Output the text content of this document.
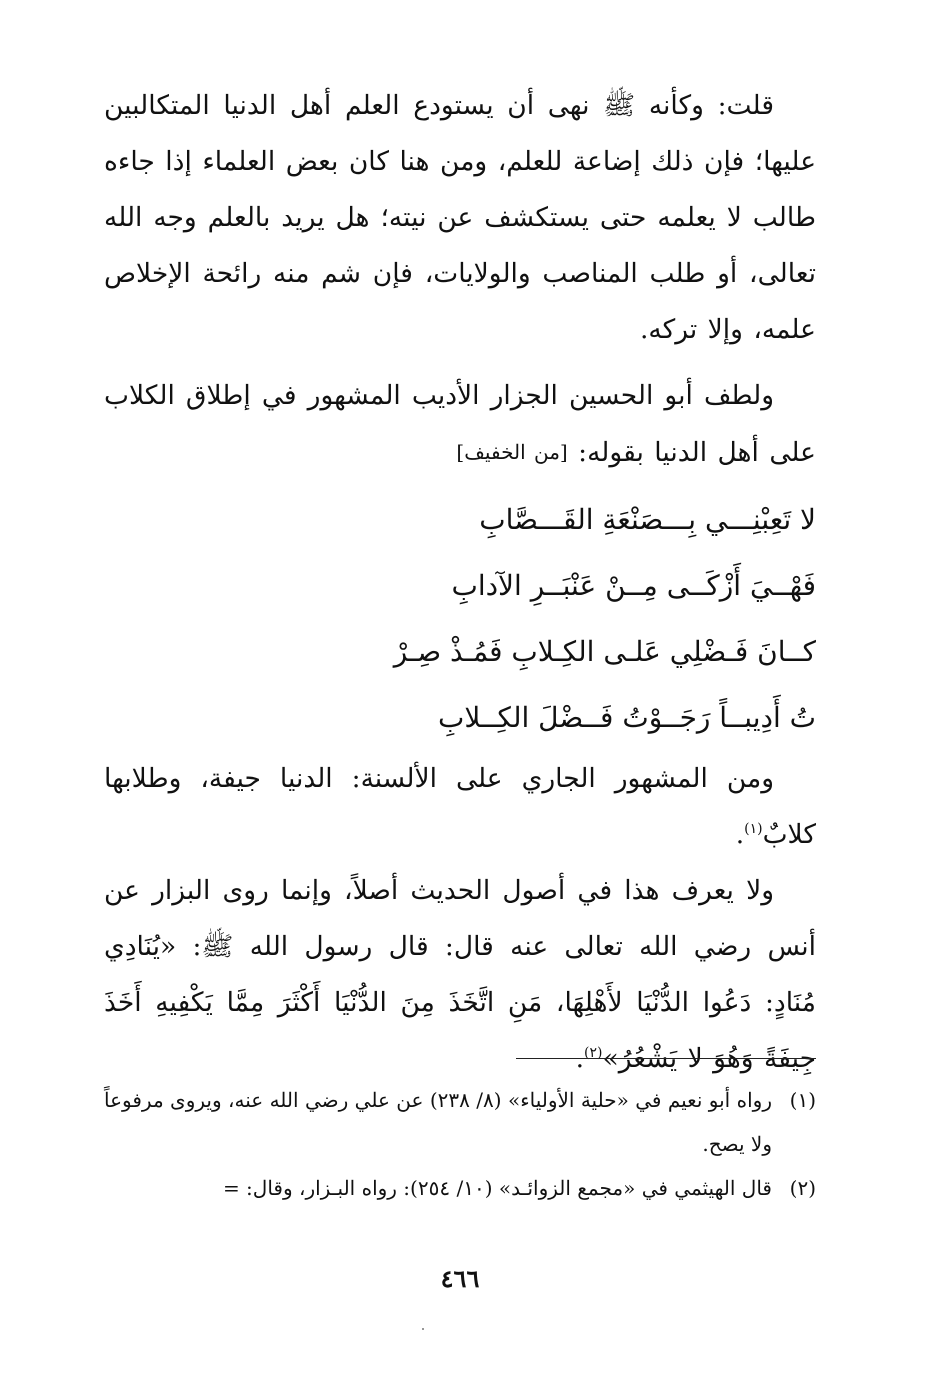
قلت: وكأنه ﷺ نهى أن يستودع العلم أهل الدنيا المتكالبين عليها؛ فإن ذلك إضاعة للعلم، ومن هنا كان بعض العلماء إذا جاءه طالب لا يعلمه حتى يستكشف عن نيته؛ هل يريد بالعلم وجه الله تعالى، أو طلب المناصب والولايات، فإن شم منه رائحة الإخلاص علمه، وإلا تركه.

ولطف أبو الحسين الجزار الأديب المشهور في إطلاق الكلاب على أهل الدنيا بقوله: [من الخفيف]

لا تَعِبْنِـــي بِـــصَنْعَةِ القَـــصَّابِ
فَهْــيَ أَزْكَــى مِــنْ عَنْبَــرِ الآدابِ
كــانَ فَـضْلِي عَلـى الكِـلابِ فَمُـذْ صِـرْ
تُ أَدِيبــاً رَجَــوْتُ فَــضْلَ الكِــلابِ

ومن المشهور الجاري على الألسنة: الدنيا جيفة، وطلابها كلابٌ$^{(١)}$.

ولا يعرف هذا في أصول الحديث أصلاً، وإنما روى البزار عن أنس رضي الله تعالى عنه قال: قال رسول الله ﷺ: «يُنَادِي مُنَادٍ: دَعُوا الدُّنْيَا لأَهْلِهَا، مَنِ اتَّخَذَ مِنَ الدُّنْيَا أَكْثَرَ مِمَّا يَكْفِيهِ أَخَذَ جِيفَةً وَهُوَ لا يَشْعُرُ»$^{(٢)}$.

(١)
رواه أبو نعيم في «حلية الأولياء» (٨/ ٢٣٨) عن علي رضي الله عنه، ويروى مرفوعاً ولا يصح.
(٢)
قال الهيثمي في «مجمع الزوائـد» (١٠/ ٢٥٤): رواه البـزار، وقال: =
٤٦٦
